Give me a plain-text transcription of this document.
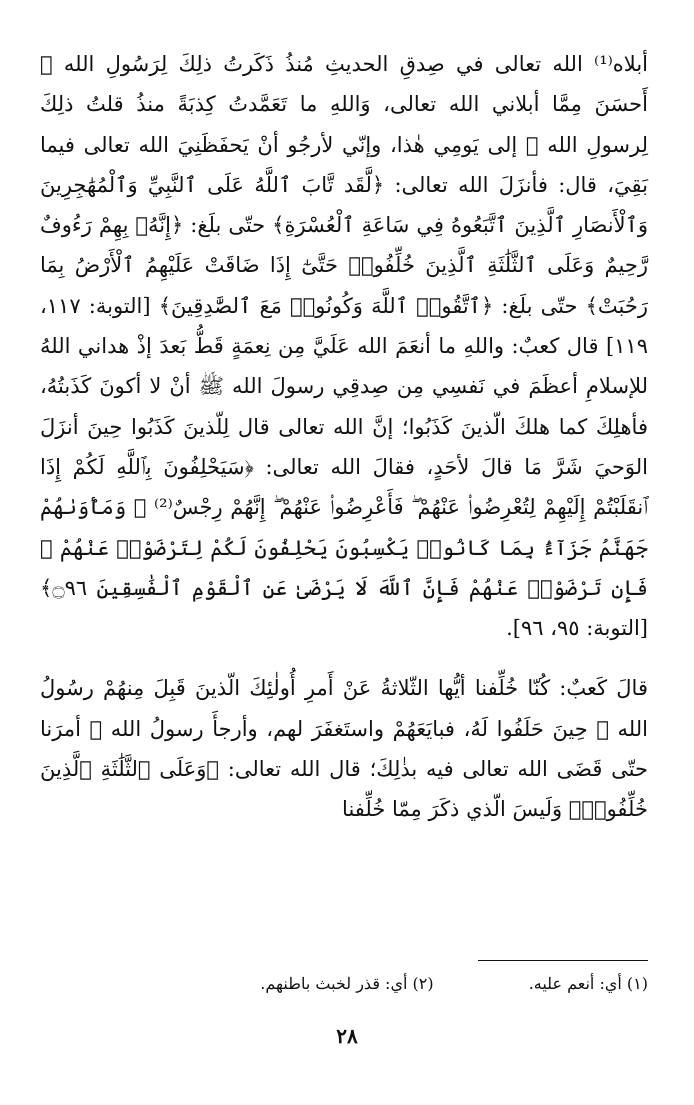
أبلاه⁽¹⁾ الله تعالى في صِدقِ الحديثِ مُنذُ ذَكَرتُ ذلِكَ لِرَسُولِ الله ﷺ أَحسَنَ مِمَّا أبلاني الله تعالى، وَاللهِ ما تَعَمَّدتُ كِذبَةً منذُ قلتُ ذلِكَ لِرسولِ الله ﷺ إلى يَومِي هٰذا، وإنّي لأرجُو أنْ يَحفَظَنِيَ الله تعالى فيما بَقِيَ، قال: فأنزَلَ الله تعالى: ﴿لَّقَد تَّابَ ٱللَّهُ عَلَى ٱلنَّبِيِّ وَٱلْمُهَٰجِرِينَ وَٱلْأَنصَارِ ٱلَّذِينَ ٱتَّبَعُوهُ فِي سَاعَةِ ٱلْعُسْرَةِ﴾ حتّى بلَغ: ﴿إِنَّهُۥ بِهِمْ رَءُوفٌ رَّحِيمٌ وَعَلَى ٱلثَّلَٰثَةِ ٱلَّذِينَ خُلِّفُوا۟ حَتَّىٰٓ إِذَا ضَاقَتْ عَلَيْهِمُ ٱلْأَرْضُ بِمَا رَحُبَتْ﴾ حتّى بلَغ: ﴿ٱتَّقُوا۟ ٱللَّهَ وَكُونُوا۟ مَعَ ٱلصَّٰدِقِينَ﴾ [التوبة: ١١٧، ١١٩] قال كعبٌ: واللهِ ما أنعَمَ الله عَلَيَّ مِن نِعمَةٍ قَطُّ بَعدَ إذْ هداني اللهُ للإسلامِ أعظَمَ في نَفسِي مِن صِدقِي رسولَ الله ﷺ أنْ لا أكونَ كَذَبتُهُ، فأهلِكَ كما هلكَ الّذينَ كَذَبُوا؛ إنَّ الله تعالى قال لِلّذينَ كَذَبُوا حِينَ أنزَلَ الوَحيَ شَرَّ مَا قالَ لأحَدٍ، فقالَ الله تعالى: ﴿سَيَحْلِفُونَ بِٱللَّهِ لَكُمْ إِذَا ٱنقَلَبْتُمْ إِلَيْهِمْ لِتُعْرِضُوا۟ عَنْهُمْ ۖ فَأَعْرِضُوا۟ عَنْهُمْ ۖ إِنَّهُمْ رِجْسٌ⁽²⁾ ۖ وَمَأْوَىٰهُمْ جَهَنَّمُ جَزَآءًۢ بِمَا كَانُوا۟ يَكْسِبُونَ يَحْلِفُونَ لَكُمْ لِتَرْضَوْا۟ عَنْهُمْ ۖ فَإِن تَرْضَوْا۟ عَنْهُمْ فَإِنَّ ٱللَّهَ لَا يَرْضَىٰ عَنِ ٱلْقَوْمِ ٱلْفَٰسِقِينَ ۝٩٦﴾ [التوبة: ٩٥، ٩٦].

قالَ كَعبٌ: كُنّا خُلِّفنا أيُّها الثّلاثةُ عَنْ أَمرِ أُولٰئِكَ الّذينَ قَبِلَ مِنهُمْ رسُولُ الله ﷺ حِينَ حَلَفُوا لَهُ، فبايَعَهُمْ واستَغفَرَ لهم، وأرجأَ رسولُ الله ﷺ أمرَنا حتّى قَضَى الله تعالى فيه بذٰلِكَ؛ قال الله تعالى: ﴿وَعَلَى ٱلثَّلَٰثَةِ ٱلَّذِينَ خُلِّفُوا۟﴾ وَلَيسَ الّذي ذكَرَ مِمّا خُلِّفنا

(١) أي: أنعم عليه. (٢) أي: قذر لخبث باطنهم.
٢٨
